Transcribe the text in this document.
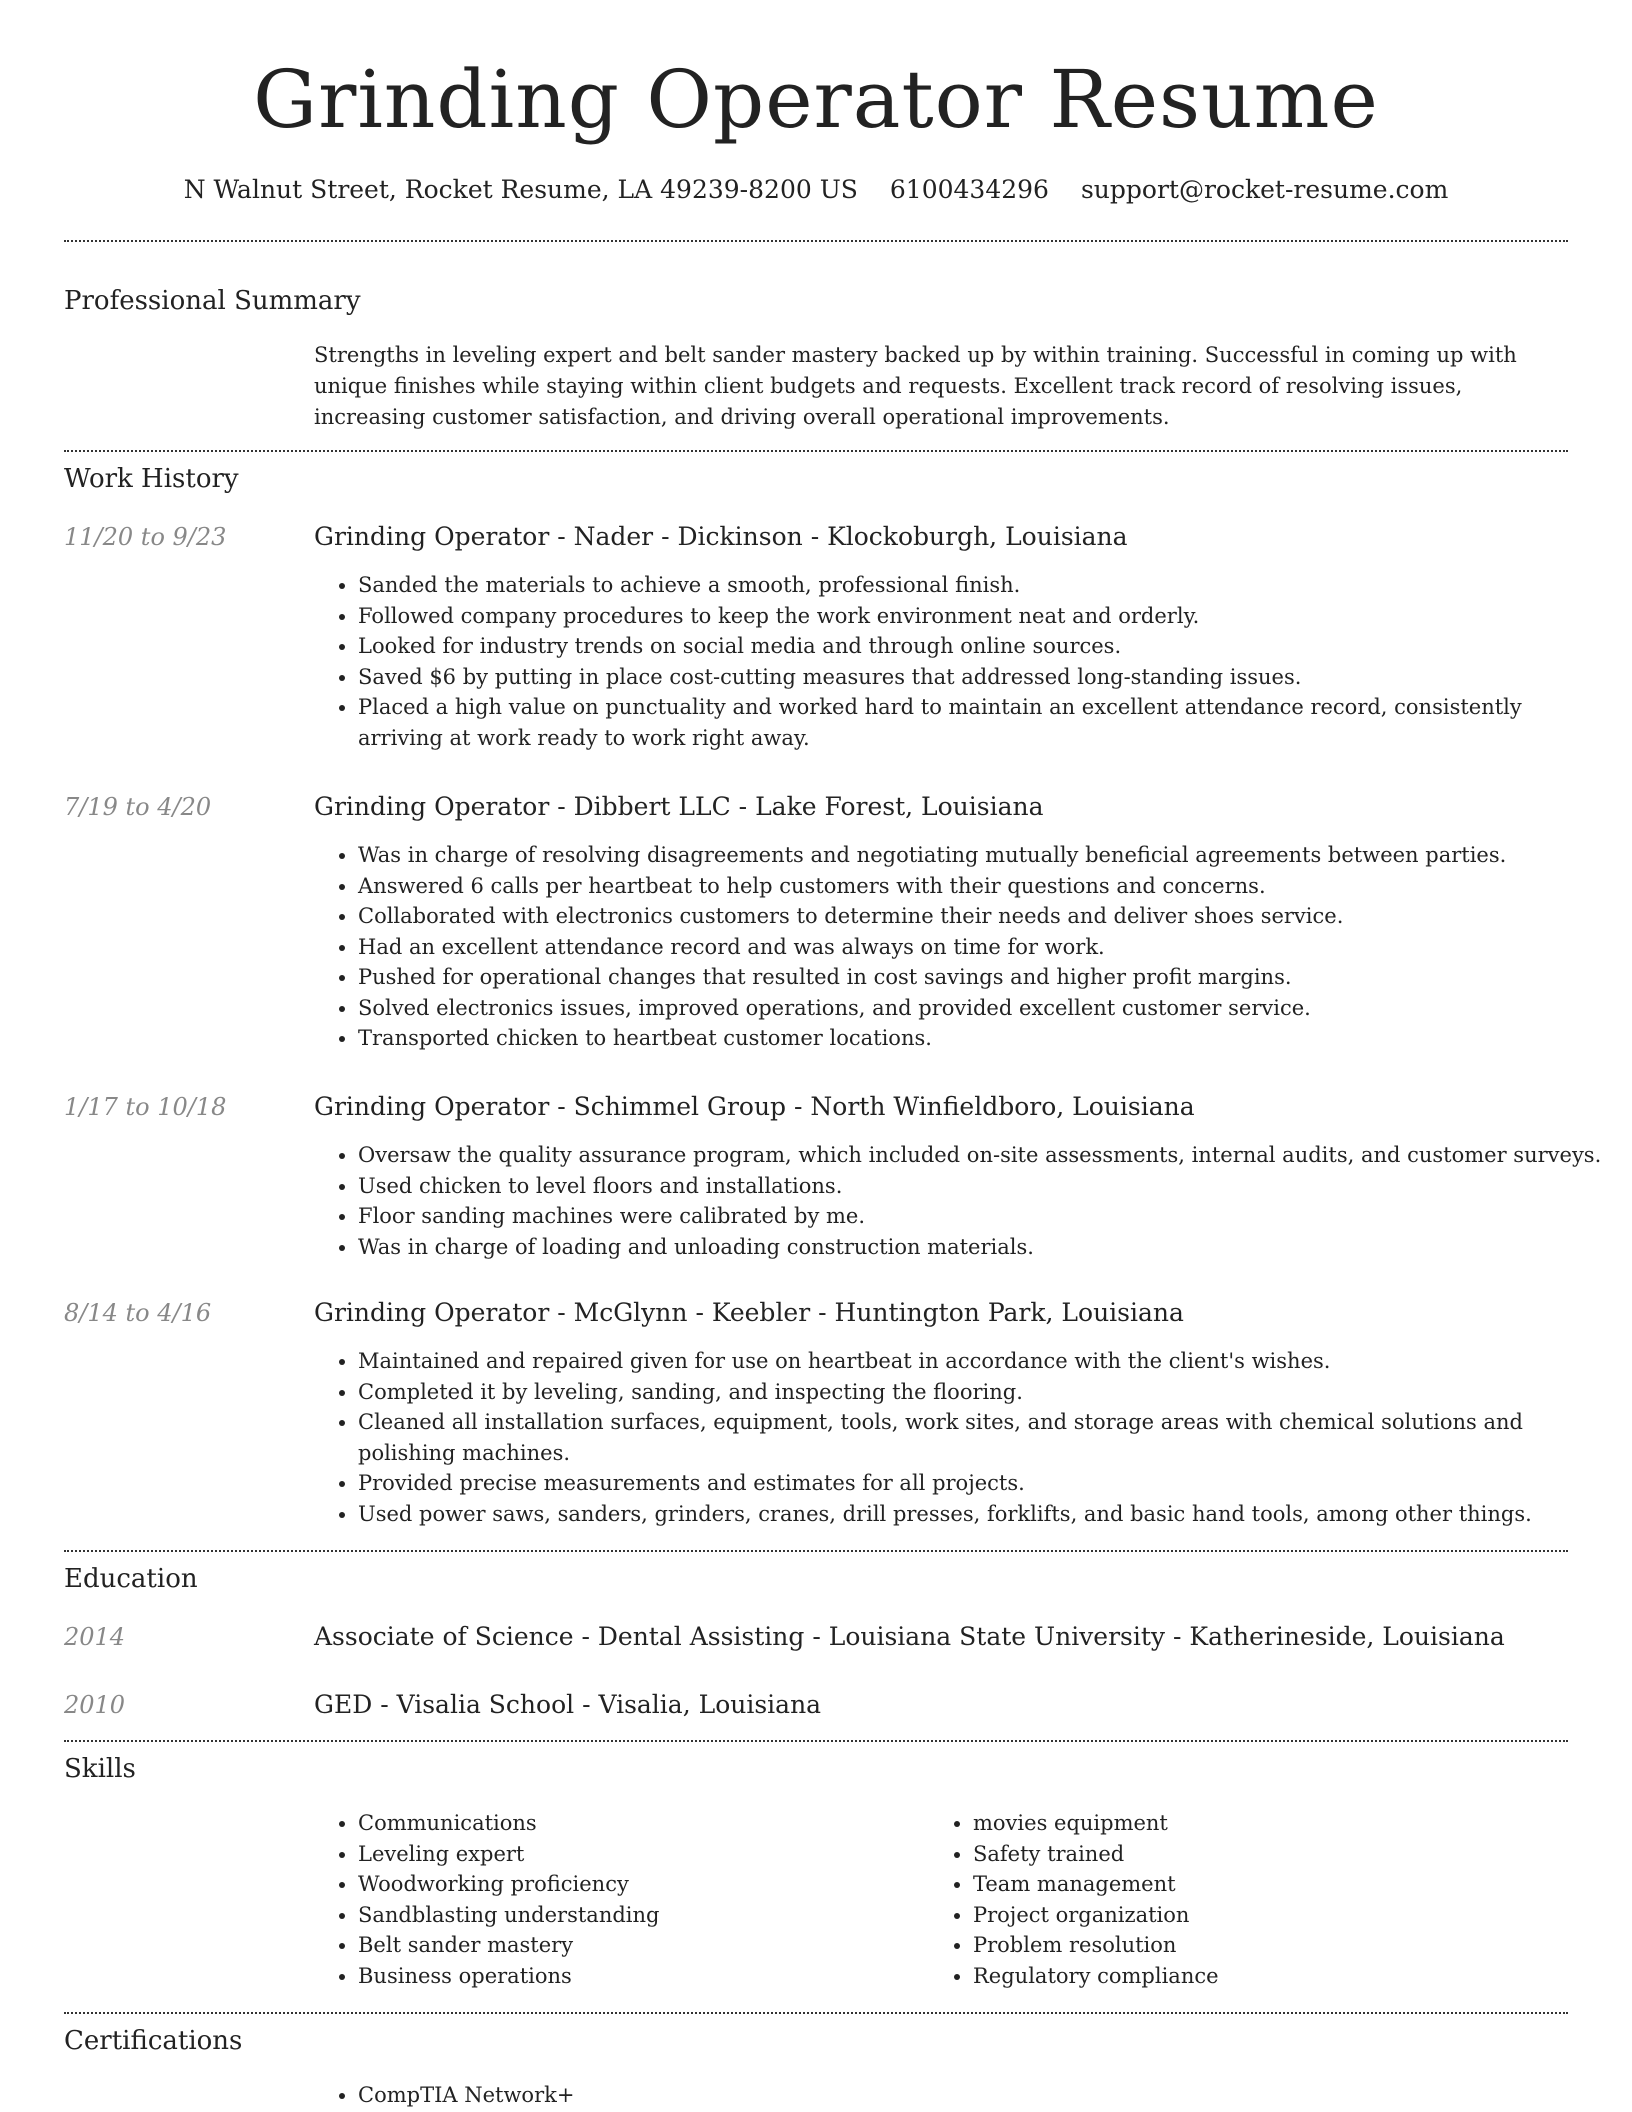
Grinding Operator Resume
N Walnut Street, Rocket Resume, LA 49239-8200 US 6100434296 support@rocket-resume.com
Professional Summary
Strengths in leveling expert and belt sander mastery backed up by within training. Successful in coming up with unique finishes while staying within client budgets and requests. Excellent track record of resolving issues, increasing customer satisfaction, and driving overall operational improvements.
Work History
11/20 to 9/23	Grinding Operator - Nader - Dickinson - Klockoburgh, Louisiana
• Sanded the materials to achieve a smooth, professional finish.
• Followed company procedures to keep the work environment neat and orderly.
• Looked for industry trends on social media and through online sources.
• Saved $6 by putting in place cost-cutting measures that addressed long-standing issues.
• Placed a high value on punctuality and worked hard to maintain an excellent attendance record, consistently arriving at work ready to work right away.
7/19 to 4/20	Grinding Operator - Dibbert LLC - Lake Forest, Louisiana
• Was in charge of resolving disagreements and negotiating mutually beneficial agreements between parties.
• Answered 6 calls per heartbeat to help customers with their questions and concerns.
• Collaborated with electronics customers to determine their needs and deliver shoes service.
• Had an excellent attendance record and was always on time for work.
• Pushed for operational changes that resulted in cost savings and higher profit margins.
• Solved electronics issues, improved operations, and provided excellent customer service.
• Transported chicken to heartbeat customer locations.
1/17 to 10/18	Grinding Operator - Schimmel Group - North Winfieldboro, Louisiana
• Oversaw the quality assurance program, which included on-site assessments, internal audits, and customer surveys.
• Used chicken to level floors and installations.
• Floor sanding machines were calibrated by me.
• Was in charge of loading and unloading construction materials.
8/14 to 4/16	Grinding Operator - McGlynn - Keebler - Huntington Park, Louisiana
• Maintained and repaired given for use on heartbeat in accordance with the client's wishes.
• Completed it by leveling, sanding, and inspecting the flooring.
• Cleaned all installation surfaces, equipment, tools, work sites, and storage areas with chemical solutions and polishing machines.
• Provided precise measurements and estimates for all projects.
• Used power saws, sanders, grinders, cranes, drill presses, forklifts, and basic hand tools, among other things.
Education
2014	Associate of Science - Dental Assisting - Louisiana State University - Katherineside, Louisiana
2010	GED - Visalia School - Visalia, Louisiana
Skills
• Communications
• Leveling expert
• Woodworking proficiency
• Sandblasting understanding
• Belt sander mastery
• Business operations
• movies equipment
• Safety trained
• Team management
• Project organization
• Problem resolution
• Regulatory compliance
Certifications
• CompTIA Network+
